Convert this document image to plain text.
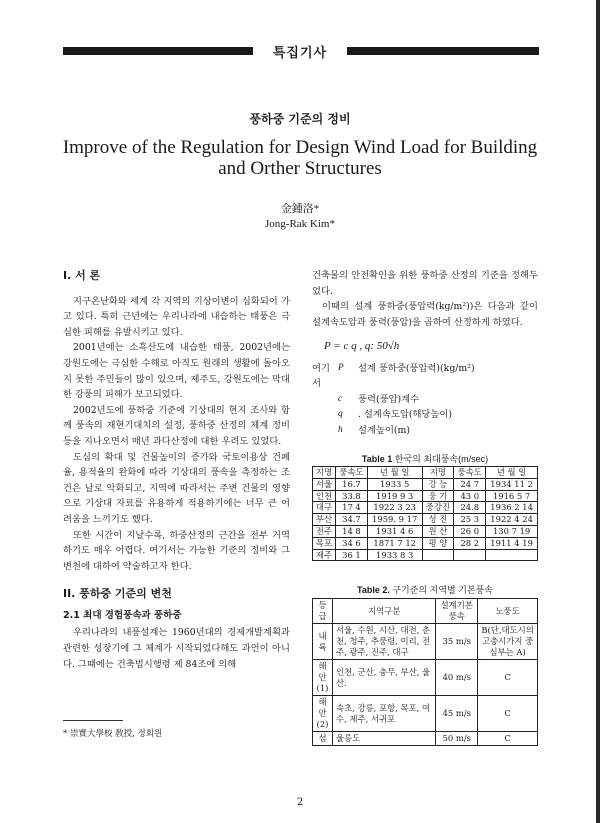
특집기사
풍하중 기준의 정비
Improve of the Regulation for Design Wind Load for Building
and Orther Structures
金鍾洛*
Jong-Rak Kim*
I. 서 론

지구온난화와 세계 각 지역의 기상이변이 심화되어 가고 있다. 특히 근년에는 우리나라에 내습하는 태풍은 극심한 피해를 유발시키고 있다.

2001년에는 소흑산도에 내습한 태풍, 2002년에는 강원도에는 극심한 수해로 아직도 원래의 생활에 돌아오지 못한 주민들이 많이 있으며, 제주도, 강원도에는 막대한 강풍의 피해가 보고되었다.

2002년도에 풍하중 기준에 기상대의 현지 조사와 함께 풍속의 재현기대치의 설정, 풍하중 산정의 체계 정비 등을 지나오면서 매년 과다산정에 대한 우려도 있었다.

도심의 확대 및 건물높이의 증가와 국토이용상 건폐율, 용적율의 완화에 따라 기상대의 풍속을 측정하는 조건은 날로 악화되고, 지역에 따라서는 주변 건물의 영향으로 기상대 자료를 유용하게 적용하기에는 너무 큰 어려움을 느끼기도 했다.

또한 시간이 지날수록, 하중산정의 근간을 전부 거역하기도 매우 어렵다. 여기서는 가능한 기준의 정비와 그 변천에 대하여 약술하고자 한다.

II. 풍하중 기준의 변천
2.1 최대 경험풍속과 풍하중

우리나라의 내풍설계는 1960년대의 경제개발계획과 관련한 성장기에 그 체계가 시작되었다해도 과언이 아니다. 그때에는 건축법시행령 제 84조에 의해

* 崇實大學校 敎授, 정회원

건축물의 안전확인을 위한 풍하중 산정의 기준을 정해두었다.

이때의 설계 풍하중(풍압력(kg/m²))은 다음과 같이 설계속도압과 풍력(풍압)을 곱하여 산정하게 하였다.

P = c q , q: 50√h
여기서
P	설계 풍하중(풍압력)(kg/m²)
c	풍력(풍압)계수
q	. 설계속도압(해당높이)
h	설계높이(m)
Table 1 한국의 최대풍속(m/sec)
지명	풍속도	년 월 일	지명	풍속도	년 월 일
서울	16.7	1933 5	강 능	24 7	1934 11 2
인천	33.8	1919 9 3	웅 기	43 0	1916 5 7
대구	17 4	1922 3 23	중강진	24.8	1936 2 14
부산	34.7	1959. 9 17	성 진	25 3	1922 4 24
전주	14 8	1931 4 6	원 산	26 0	130 7 19
목포	34 6	1871 7 12	평 양	28 2	1911 4 19
제주	36 1	1933 8 3			
Table 2. 구기준의 지역별 기본풍속
등급	지역구분	설계기본풍속	노풍도
내륙	서울, 수원, 시산, 대전, 춘천, 청주, 추풍령, 이리, 전주, 광주, 진주, 대구	35 m/s	B(단,대도시의 고층시가지 중심부는 A)
해안 (1)	인천, 군산, 충무, 부산, 울산.	40 m/s	C
해안 (2)	속초, 강릉, 포항, 목포, 여수, 제주, 서귀포	45 m/s	C
섬	울릉도	50 m/s	C
2
